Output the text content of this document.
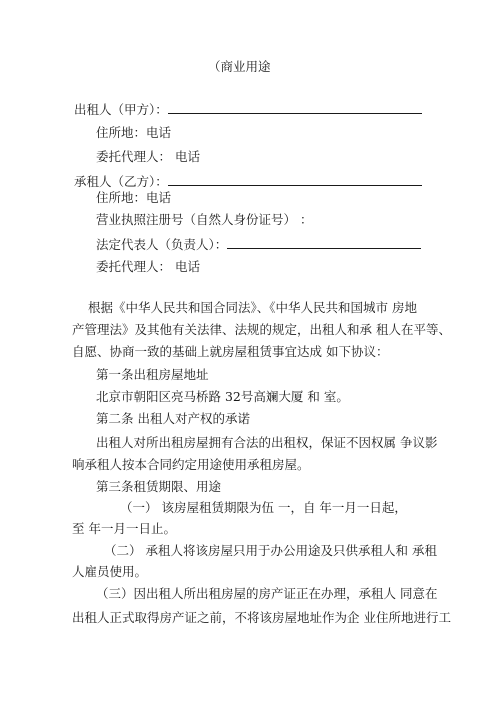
（商业用途
出租人（甲方）：
住所地：电话
委托代理人： 电话
承租人（乙方）：
住所地：电话
营业执照注册号（自然人身份证号） ：
法定代表人（负责人）：
委托代理人： 电话
根据《中华人民共和国合同法》、《中华人民共和国城市 房地
产管理法》及其他有关法律、法规的规定，出租人和承 租人在平等、
自愿、协商一致的基础上就房屋租赁事宜达成 如下协议：
第一条出租房屋地址
北京市朝阳区亮马桥路 32号高斓大厦 和 室。
第二条 出租人对产权的承诺
出租人对所出租房屋拥有合法的出租权，保证不因权属 争议影
响承租人按本合同约定用途使用承租房屋。
第三条租赁期限、用途
（一） 该房屋租赁期限为伍 一，自 年一月一日起，
至 年一月一日止。
（二） 承租人将该房屋只用于办公用途及只供承租人和 承租
人雇员使用。
（三）因出租人所出租房屋的房产证正在办理，承租人 同意在
出租人正式取得房产证之前，不将该房屋地址作为企 业住所地进行工
